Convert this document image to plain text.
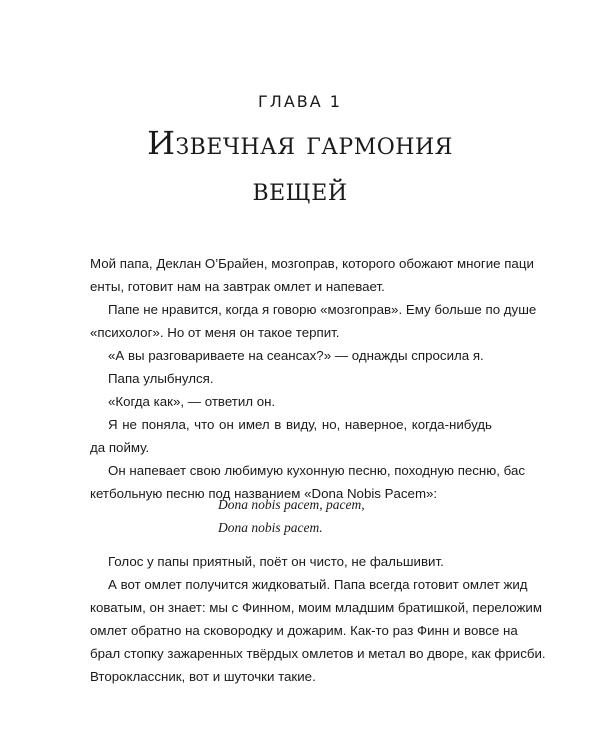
ГЛАВА 1
Извечная гармония
вещей
Мой папа, Деклан О’Брайен, мозгоправ, которого обожают многие паци
енты, готовит нам на завтрак омлет и напевает.
Папе не нравится, когда я говорю «мозгоправ». Ему больше по душе
«психолог». Но от меня он такое терпит.
«А вы разговариваете на сеансах?» — однажды спросила я.
Папа улыбнулся.
«Когда как», — ответил он.
Я не поняла, что он имел в виду, но, наверное, когда-нибудь
да пойму.
Он напевает свою любимую кухонную песню, походную песню, бас
кетбольную песню под названием «Dona Nobis Pacem»:
Dona nobis pacem, pacem,
Dona nobis pacem.
Голос у папы приятный, поёт он чисто, не фальшивит.
А вот омлет получится жидковатый. Папа всегда готовит омлет жид
коватым, он знает: мы с Финном, моим младшим братишкой, переложим
омлет обратно на сковородку и дожарим. Как-то раз Финн и вовсе на
брал стопку зажаренных твёрдых омлетов и метал во дворе, как фрисби.
Второклассник, вот и шуточки такие.
